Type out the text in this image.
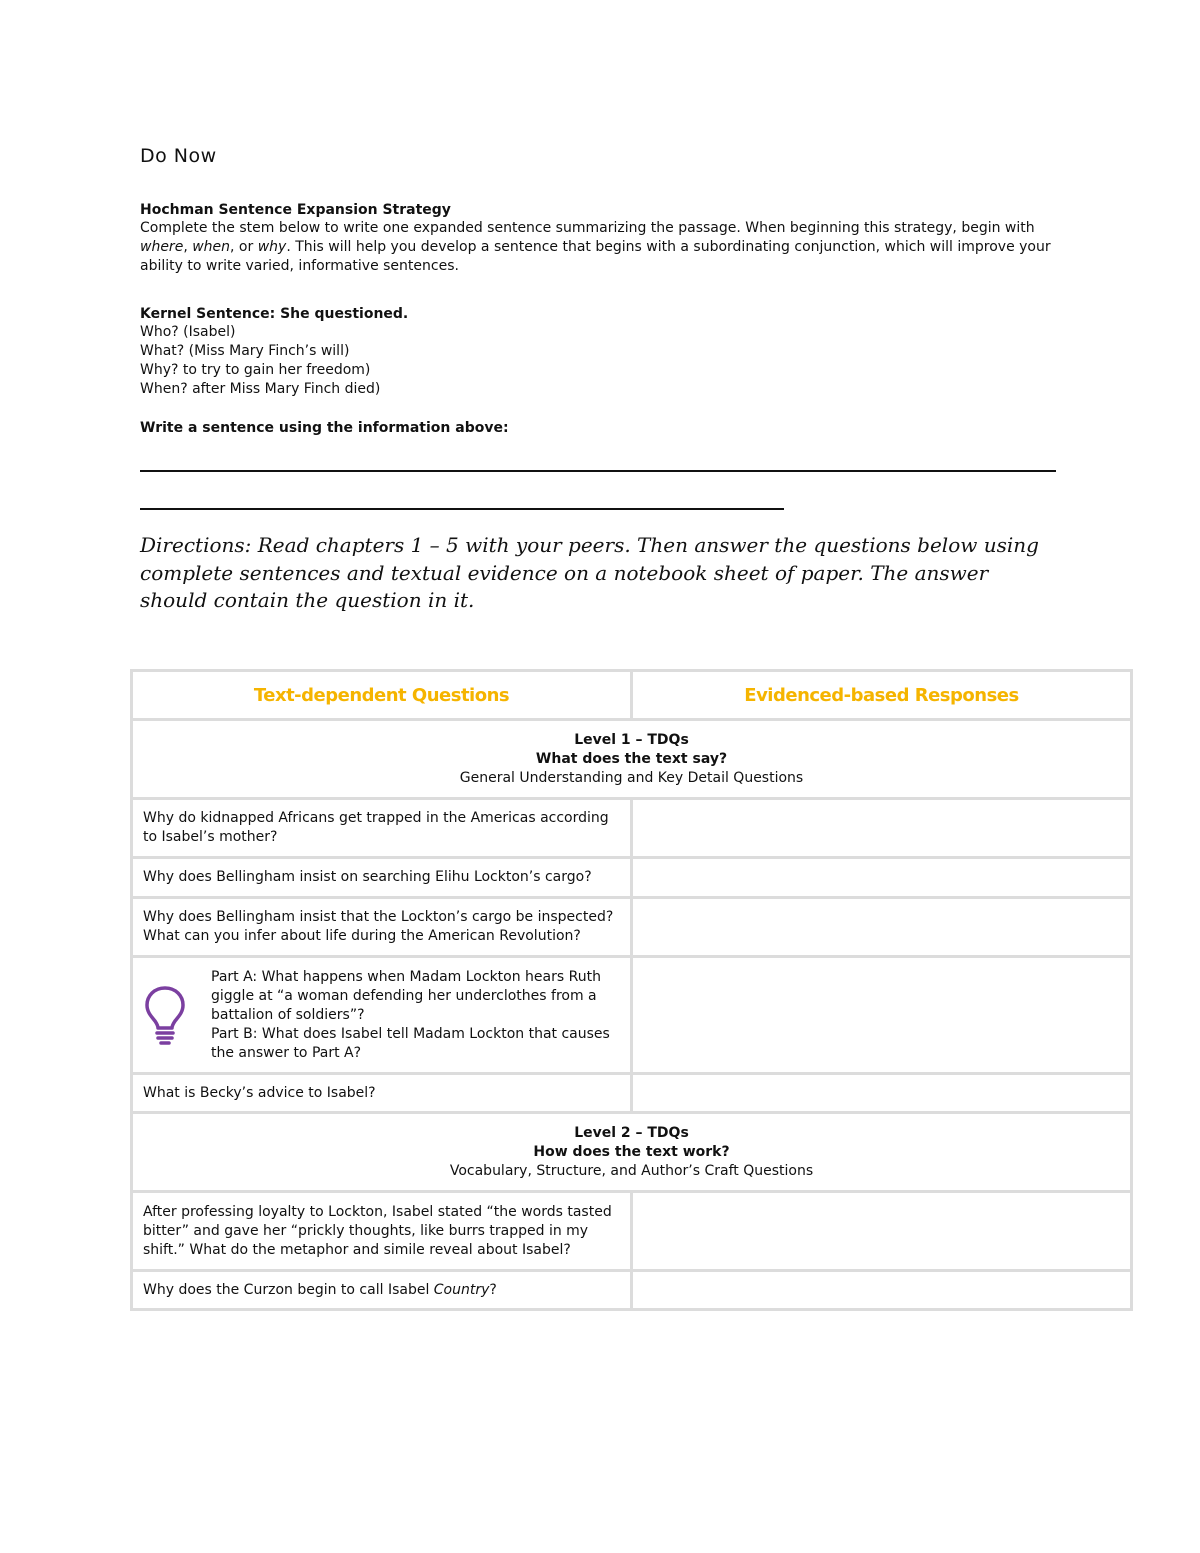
Do Now
Hochman Sentence Expansion Strategy
Complete the stem below to write one expanded sentence summarizing the passage. When beginning this strategy, begin with where, when, or why. This will help you develop a sentence that begins with a subordinating conjunction, which will improve your ability to write varied, informative sentences.
Kernel Sentence: She questioned.
Who? (Isabel)
What? (Miss Mary Finch’s will)
Why? to try to gain her freedom)
When? after Miss Mary Finch died)
Write a sentence using the information above:
Directions: Read chapters 1 – 5 with your peers. Then answer the questions below using complete sentences and textual evidence on a notebook sheet of paper. The answer should contain the question in it.
Text-dependent Questions	Evidenced-based Responses

Level 1 – TDQs
What does the text say?
General Understanding and Key Detail Questions	

Why do kidnapped Africans get trapped in the Americas according to Isabel’s mother?	
Why does Bellingham insist on searching Elihu Lockton’s cargo?	
Why does Bellingham insist that the Lockton’s cargo be inspected? What can you infer about life during the American Revolution?	

Part A: What happens when Madam Lockton hears Ruth giggle at “a woman defending her underclothes from a battalion of soldiers”?
Part B: What does Isabel tell Madam Lockton that causes the answer to Part A?	

What is Becky’s advice to Isabel?	

Level 2 – TDQs
How does the text work?
Vocabulary, Structure, and Author’s Craft Questions	

After professing loyalty to Lockton, Isabel stated “the words tasted bitter” and gave her “prickly thoughts, like burrs trapped in my shift.” What do the metaphor and simile reveal about Isabel?	
Why does the Curzon begin to call Isabel Country?	
